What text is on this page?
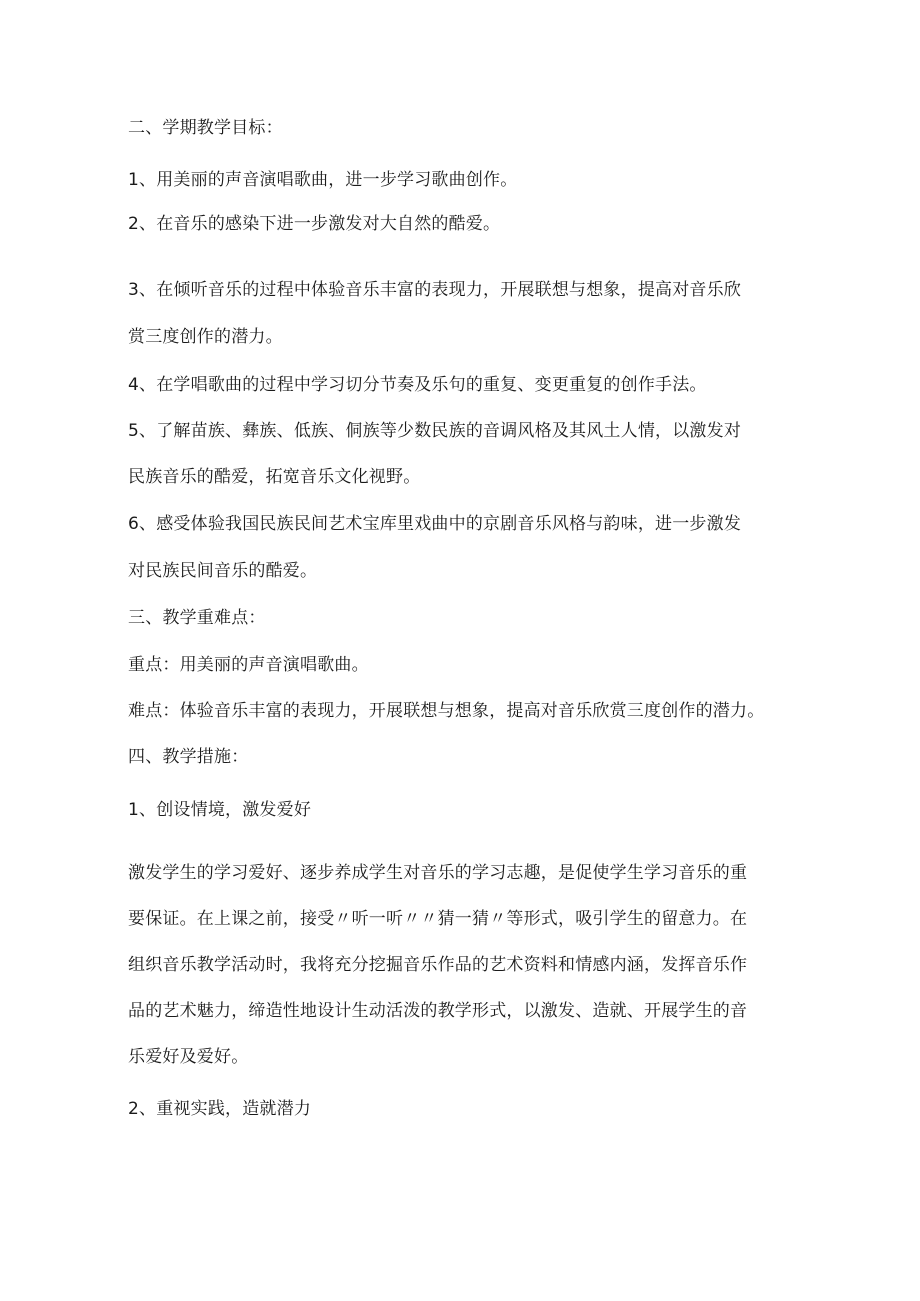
二、学期教学目标：
1、用美丽的声音演唱歌曲，进一步学习歌曲创作。
2、在音乐的感染下进一步激发对大自然的酷爱。
3、在倾听音乐的过程中体验音乐丰富的表现力，开展联想与想象，提高对音乐欣
赏三度创作的潜力。
4、在学唱歌曲的过程中学习切分节奏及乐句的重复、变更重复的创作手法。
5、了解苗族、彝族、低族、侗族等少数民族的音调风格及其风土人情，以激发对
民族音乐的酷爱，拓宽音乐文化视野。
6、感受体验我国民族民间艺术宝库里戏曲中的京剧音乐风格与韵味，进一步激发
对民族民间音乐的酷爱。
三、教学重难点：
重点：用美丽的声音演唱歌曲。
难点：体验音乐丰富的表现力，开展联想与想象，提高对音乐欣赏三度创作的潜力。
四、教学措施：
1、创设情境，激发爱好
激发学生的学习爱好、逐步养成学生对音乐的学习志趣，是促使学生学习音乐的重
要保证。在上课之前，接受〃听一听〃〃猜一猜〃等形式，吸引学生的留意力。在
组织音乐教学活动时，我将充分挖掘音乐作品的艺术资料和情感内涵，发挥音乐作
品的艺术魅力，缔造性地设计生动活泼的教学形式，以激发、造就、开展学生的音
乐爱好及爱好。
2、重视实践，造就潜力
